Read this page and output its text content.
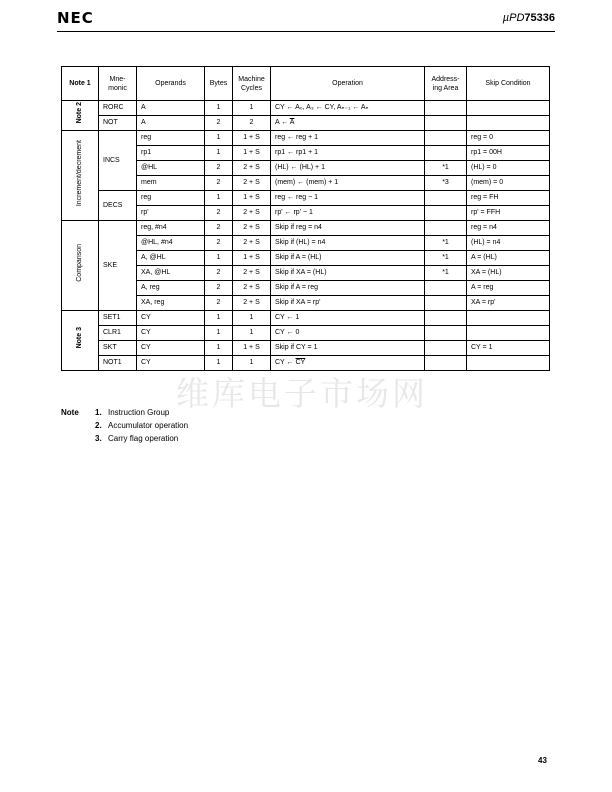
NEC	µPD75336
维库电子市场网
Note 1	Mne-monic	Operands	Bytes	Machine Cycles	Operation	Address-ing Area	Skip Condition
Note 2	RORC	A	1	1	CY ← A₀, A₃ ← CY, Aₙ₋₁ ← Aₙ		
	NOT	A	2	2	A ← $\overline{A}$		
Increment/decrement	INCS	reg	1	1 + S	reg ← reg + 1		reg = 0
		rp1	1	1 + S	rp1 ← rp1 + 1		rp1 = 00H
		@HL	2	2 + S	(HL) ← (HL) + 1	*1	(HL) = 0
		mem	2	2 + S	(mem) ← (mem) + 1	*3	(mem) = 0
	DECS	reg	1	1 + S	reg ← reg − 1		reg = FH
		rp'	2	2 + S	rp' ← rp' − 1		rp' = FFH
Comparison	SKE	reg, #n4	2	2 + S	Skip if reg = n4		reg = n4
		@HL, #n4	2	2 + S	Skip if (HL) = n4	*1	(HL) = n4
		A, @HL	1	1 + S	Skip if A = (HL)	*1	A = (HL)
		XA, @HL	2	2 + S	Skip if XA = (HL)	*1	XA = (HL)
		A, reg	2	2 + S	Skip if A = reg		A = reg
		XA, reg	2	2 + S	Skip if XA = rp'		XA = rp'
Note 3	SET1	CY	1	1	CY ← 1		
	CLR1	CY	1	1	CY ← 0		
	SKT	CY	1	1 + S	Skip if CY = 1		CY = 1
	NOT1	CY	1	1	CY ← $\overline{CY}$		
Note 1. Instruction Group
2. Accumulator operation
3. Carry flag operation
43
